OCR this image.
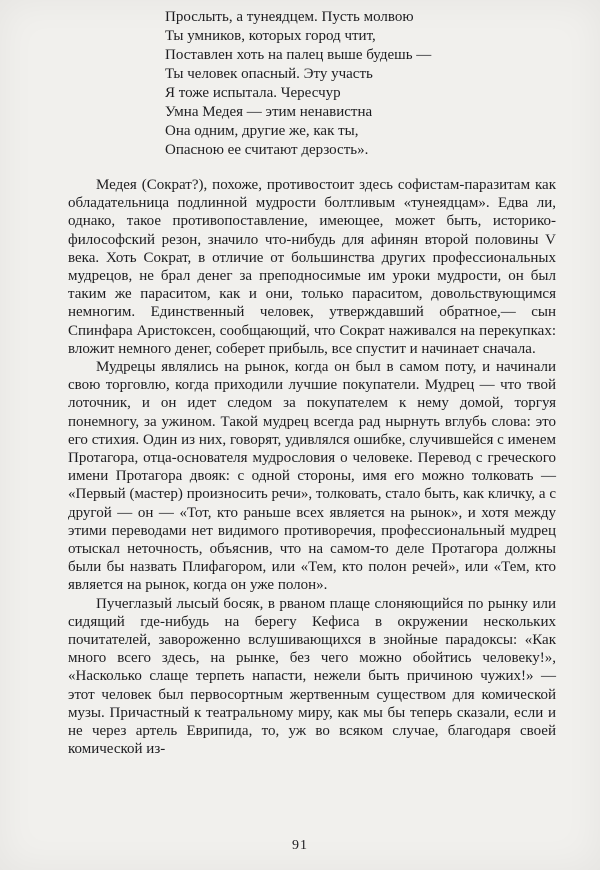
Прослыть, а тунеядцем. Пусть молвою
Ты умников, которых город чтит,
Поставлен хоть на палец выше будешь —
Ты человек опасный. Эту участь
Я тоже испытала. Чересчур
Умна Медея — этим ненавистна
Она одним, другие же, как ты,
Опасною ее считают дерзость».

Медея (Сократ?), похоже, противостоит здесь софистам-паразитам как обладательница подлинной мудрости болтливым «тунеядцам». Едва ли, однако, такое противопоставление, имеющее, может быть, историко-философский резон, значило что-нибудь для афинян второй половины V века. Хоть Сократ, в отличие от большинства других профессиональных мудрецов, не брал денег за преподносимые им уроки мудрости, он был таким же параситом, как и они, только параситом, довольствующимся немногим. Единственный человек, утверждавший обратное,— сын Спинфара Аристоксен, сообщающий, что Сократ наживался на перекупках: вложит немного денег, соберет прибыль, все спустит и начинает сначала.

Мудрецы являлись на рынок, когда он был в самом поту, и начинали свою торговлю, когда приходили лучшие покупатели. Мудрец — что твой лоточник, и он идет следом за покупателем к нему домой, торгуя понемногу, за ужином. Такой мудрец всегда рад нырнуть вглубь слова: это его стихия. Один из них, говорят, удивлялся ошибке, случившейся с именем Протагора, отца-основателя мудрословия о человеке. Перевод с греческого имени Протагора двояк: с одной стороны, имя его можно толковать — «Первый (мастер) произносить речи», толковать, стало быть, как кличку, а с другой — он — «Тот, кто раньше всех является на рынок», и хотя между этими переводами нет видимого противоречия, профессиональный мудрец отыскал неточность, объяснив, что на самом-то деле Протагора должны были бы назвать Плифагором, или «Тем, кто полон речей», или «Тем, кто является на рынок, когда он уже полон».

Пучеглазый лысый босяк, в рваном плаще слоняющийся по рынку или сидящий где-нибудь на берегу Кефиса в окружении нескольких почитателей, завороженно вслушивающихся в знойные парадоксы: «Как много всего здесь, на рынке, без чего можно обойтись человеку!», «Насколько слаще терпеть напасти, нежели быть причиною чужих!» — этот человек был первосортным жертвенным существом для комической музы. Причастный к театральному миру, как мы бы теперь сказали, если и не через артель Еврипида, то, уж во всяком случае, благодаря своей комической из-

91
